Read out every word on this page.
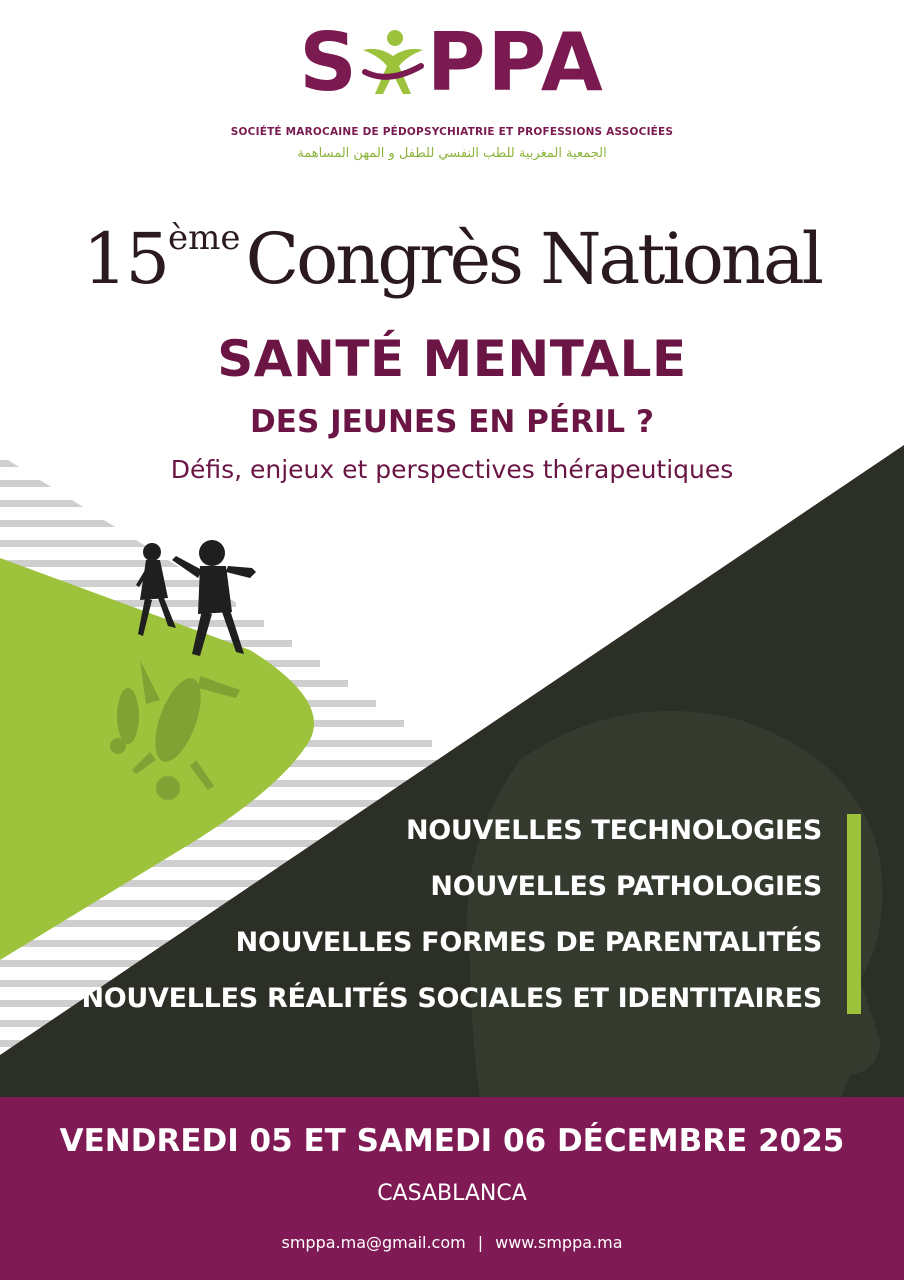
S PPA
SOCIÉTÉ MAROCAINE DE PÉDOPSYCHIATRIE ET PROFESSIONS ASSOCIÉES
الجمعية المغربية للطب النفسي للطفل و المهن المساهمة
15ème Congrès National
SANTÉ MENTALE
DES JEUNES EN PÉRIL ?
Défis, enjeux et perspectives thérapeutiques
NOUVELLES TECHNOLOGIES
NOUVELLES PATHOLOGIES
NOUVELLES FORMES DE PARENTALITÉS
NOUVELLES RÉALITÉS SOCIALES ET IDENTITAIRES
VENDREDI 05 ET SAMEDI 06 DÉCEMBRE 2025
CASABLANCA
smppa.ma@gmail.com | www.smppa.ma
